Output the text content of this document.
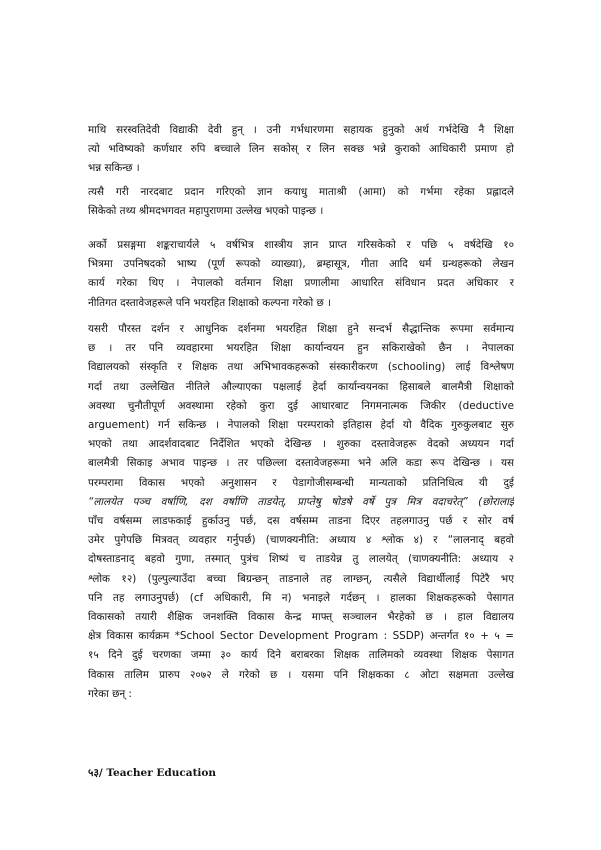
माथि सरस्वतिदेवी विद्याकी देवी हुन् । उनी गर्भधारणमा सहायक हुनुको अर्थ गर्भदेखि नै शिक्षा
त्यो भविष्यको कर्णधार रुपि बच्चाले लिन सकोस् र लिन सक्छ भन्ने कुराको आधिकारी प्रमाण हो
भन्न सकिन्छ ।
त्यसै गरी नारदबाट प्रदान गरिएको ज्ञान कयाधु माताश्री (आमा) को गर्भमा रहेका प्रह्लादले
सिकेको तथ्य श्रीमदभगवत महापुराणमा उल्लेख भएको पाइन्छ ।
अर्को प्रसङ्गमा शङ्कराचार्यले ५ वर्षभित्र शास्त्रीय ज्ञान प्राप्त गरिसकेको र पछि ५ वर्षदेखि १०
भित्रमा उपनिषदको भाष्य (पूर्ण रूपको व्याख्या), ब्रम्हासूत्र, गीता आदि धर्म ग्रन्थहरूको लेखन
कार्य गरेका थिए । नेपालको वर्तमान शिक्षा प्रणालीमा आधारित संविधान प्रदत अधिकार र
नीतिगत दस्तावेजहरूले पनि भयरहित शिक्षाको कल्पना गरेको छ ।
यसरी पौरस्त दर्शन र आधुनिक दर्शनमा भयरहित शिक्षा हुने सन्दर्भ सैद्धान्तिक रूपमा सर्वमान्य
छ । तर पनि व्यवहारमा भयरहित शिक्षा कार्यान्वयन हुन सकिराखेको छैन । नेपालका
विद्यालयको संस्कृति र शिक्षक तथा अभिभावकहरूको संस्कारीकरण (schooling) लाई विश्लेषण
गर्दा तथा उल्लेखित नीतिले औल्याएका पक्षलाई हेर्दा कार्यान्वयनका हिसाबले बालमैत्री शिक्षाको
अवस्था चुनौतीपूर्ण अवस्थामा रहेको कुरा दुई आधारबाट निगमनात्मक जिकीर (deductive
arguement) गर्न सकिन्छ । नेपालको शिक्षा परम्पराको इतिहास हेर्दा यो वैदिक गुरुकुलबाट सुरु
भएको तथा आदर्शवादबाट निर्देशित भएको देखिन्छ । शुरुका दस्तावेजहरू वेदको अध्ययन गर्दा
बालमैत्री सिकाइ अभाव पाइन्छ । तर पछिल्ला दस्तावेजहरूमा भने अलि कडा रूप देखिन्छ । यस
परम्परामा विकास भएको अनुशासन र पेडागोजीसम्बन्धी मान्यताको प्रतिनिधित्व यी दुई
“लालयेत पञ्च वर्षाणि, दश वर्षाणि ताडयेत्, प्राप्तेषु षोडषे वर्षे पुत्र मित्र वदाचरेत्” (छोरालाई
पाँच वर्षसम्म लाडफकाई हुर्काउनु पर्छ, दस वर्षसम्म ताडना दिएर तहलगाउनु पर्छ र सोर वर्ष
उमेर पुगेपछि मित्रवत् व्यवहार गर्नुपर्छ) (चाणक्यनीति: अध्याय ४ श्लोक ४) र “लालनाद् बहवो
दोषस्ताडनाद् बहवो गुणा, तस्मात् पुत्रंच शिष्यं च ताडयेन्न तु लालयेत् (चाणक्यनीति: अध्याय २
श्लोक १२) (पुल्पुल्याउँदा बच्चा बिग्रन्छन् ताडनाले तह लाग्छन्, त्यसैले विद्यार्थीलाई पिटेरै भए
पनि तह लगाउनुपर्छ) (cf अधिकारी, मि न) भनाइले गर्दछन् । हालका शिक्षकहरूको पेसागत
विकासको तयारी शैक्षिक जनशक्ति विकास केन्द्र माफ्त् सञ्चालन भैरहेको छ । हाल विद्यालय
क्षेत्र विकास कार्यक्रम *School Sector Development Program : SSDP) अन्तर्गत १० + ५ =
१५ दिने दुई चरणका जम्मा ३० कार्य दिने बराबरका शिक्षक तालिमको व्यवस्था शिक्षक पेसागत
विकास तालिम प्रारुप २०७२ ले गरेको छ । यसमा पनि शिक्षकका ८ ओटा सक्षमता उल्लेख
गरेका छन् :
५३/ Teacher Education
